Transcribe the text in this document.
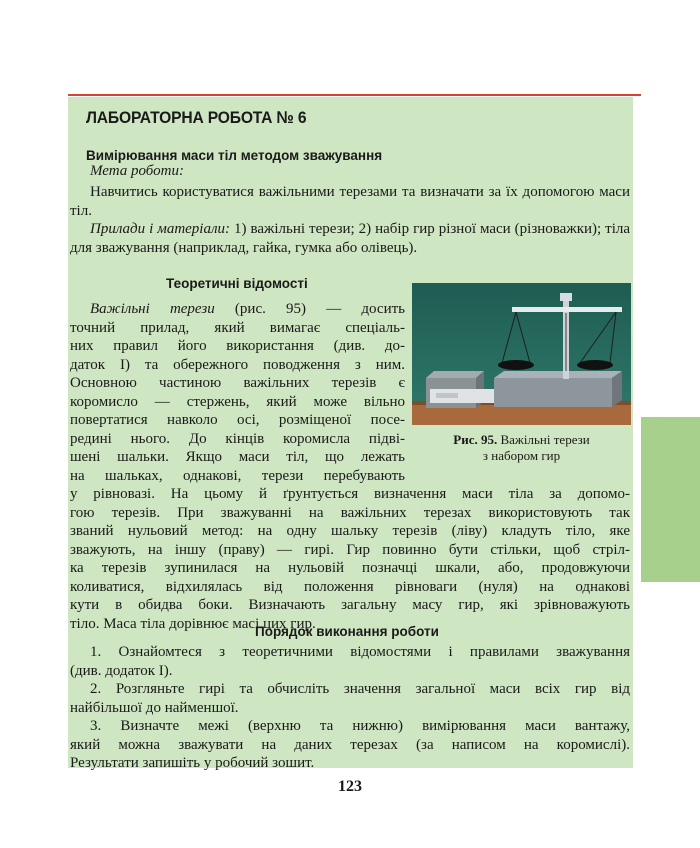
ЛАБОРАТОРНА РОБОТА № 6
Вимірювання маси тіл методом зважування

Мета роботи:

Навчитись користуватися важільними терезами та визначати за їх допомогою маси тіл.

Прилади і матеріали: 1) важільні терези; 2) набір гир різної маси (різноважки); тіла для зважування (наприклад, гайка, гумка або олівець).

Теоретичні відомості

Важільні терези (рис. 95) — досить

точний прилад, який вимагає спеціаль-

них правил його використання (див. до-

даток І) та обережного поводження з ним.

Основною частиною важільних терезів є

коромисло — стержень, який може вільно

повертатися навколо осі, розміщеної посе-

редині нього. До кінців коромисла підві-

шені шальки. Якщо маси тіл, що лежать

на шальках, однакові, терези перебувають

у рівновазі. На цьому й ґрунтується визначення маси тіла за допомо-

гою терезів. При зважуванні на важільних терезах використовують так

званий нульовий метод: на одну шальку терезів (ліву) кладуть тіло, яке

зважують, на іншу (праву) — гирі. Гир повинно бути стільки, щоб стріл-

ка терезів зупинилася на нульовій позначці шкали, або, продовжуючи

коливатися, відхилялась від положення рівноваги (нуля) на однакові

кути в обидва боки. Визначають загальну масу гир, які зрівноважують

тіло. Маса тіла дорівнює масі цих гир.

Рис. 95. Важільні терези
з набором гир
Порядок виконання роботи

1. Ознайомтеся з теоретичними відомостями і правилами зважування

(див. додаток І).

2. Розгляньте гирі та обчисліть значення загальної маси всіх гир від

найбільшої до найменшої.

3. Визначте межі (верхню та нижню) вимірювання маси вантажу,

який можна зважувати на даних терезах (за написом на коромислі).

Результати запишіть у робочий зошит.

123
